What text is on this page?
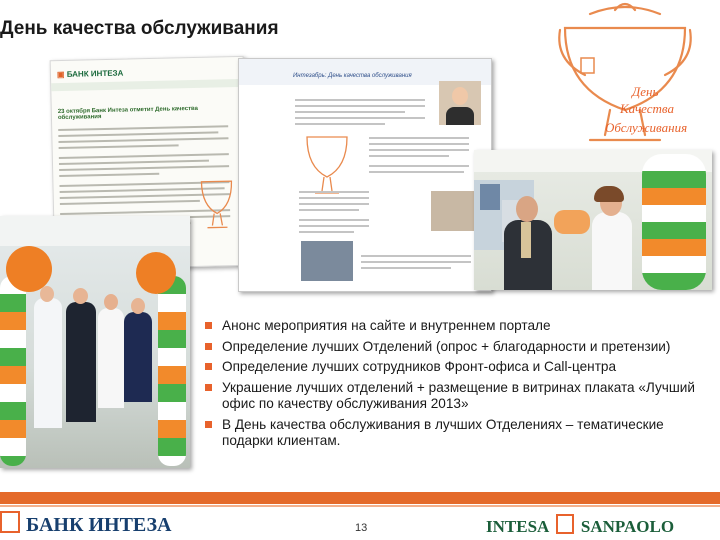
День качества обслуживания
День
Качества
Обслуживания
▣ БАНК ИНТЕЗА
23 октября Банк Интеза отметит День качества обслуживания
Интезабрь: День качества обслуживания
Анонс мероприятия на сайте и внутреннем портале
Определение лучших Отделений (опрос + благодарности и претензии)
Определение лучших сотрудников Фронт-офиса и Call-центра
Украшение лучших отделений + размещение в витринах плаката «Лучший офис по качеству обслуживания 2013»
В День качества обслуживания в лучших Отделениях – тематические подарки клиентам.
БАНК ИНТЕЗА	13	INTESA SANPAOLO
